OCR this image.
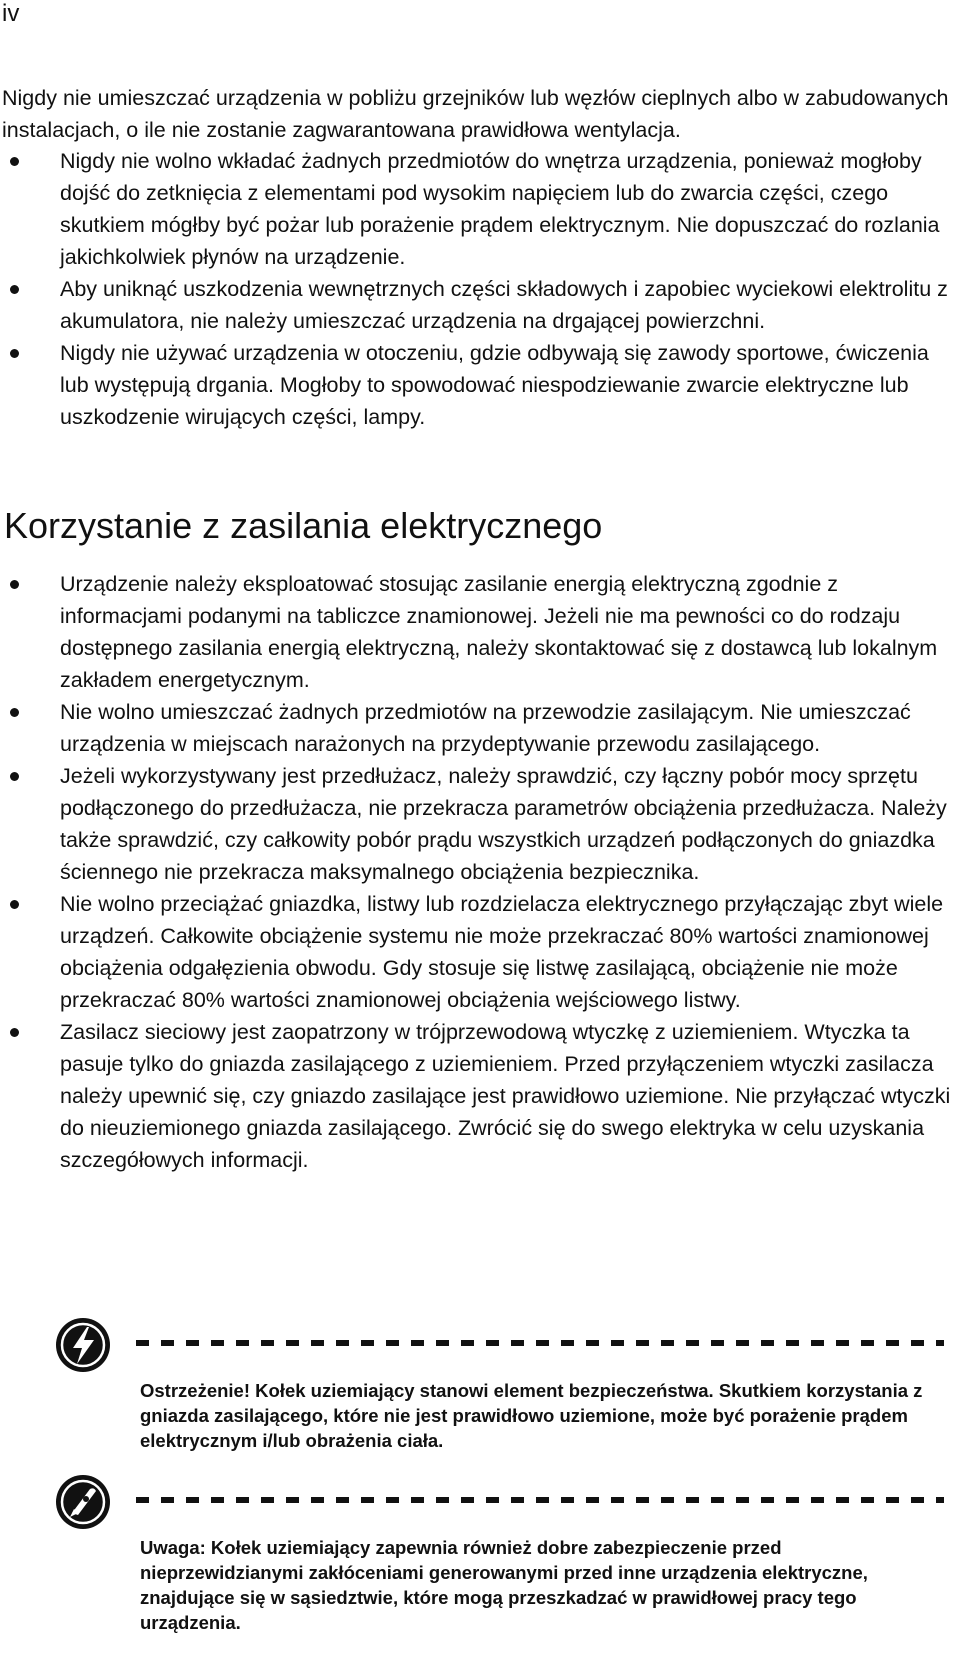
iv

Nigdy nie umieszczać urządzenia w pobliżu grzejników lub węzłów cieplnych albo w zabudowanych instalacjach, o ile nie zostanie zagwarantowana prawidłowa wentylacja.

Nigdy nie wolno wkładać żadnych przedmiotów do wnętrza urządzenia, ponieważ mogłoby dojść do zetknięcia z elementami pod wysokim napięciem lub do zwarcia części, czego skutkiem mógłby być pożar lub porażenie prądem elektrycznym. Nie dopuszczać do rozlania jakichkolwiek płynów na urządzenie.
Aby uniknąć uszkodzenia wewnętrznych części składowych i zapobiec wyciekowi elektrolitu z akumulatora, nie należy umieszczać urządzenia na drgającej powierzchni.
Nigdy nie używać urządzenia w otoczeniu, gdzie odbywają się zawody sportowe, ćwiczenia lub występują drgania. Mogłoby to spowodować niespodziewanie zwarcie elektryczne lub uszkodzenie wirujących części, lampy.
Korzystanie z zasilania elektrycznego
Urządzenie należy eksploatować stosując zasilanie energią elektryczną zgodnie z informacjami podanymi na tabliczce znamionowej. Jeżeli nie ma pewności co do rodzaju dostępnego zasilania energią elektryczną, należy skontaktować się z dostawcą lub lokalnym zakładem energetycznym.
Nie wolno umieszczać żadnych przedmiotów na przewodzie zasilającym. Nie umieszczać urządzenia w miejscach narażonych na przydeptywanie przewodu zasilającego.
Jeżeli wykorzystywany jest przedłużacz, należy sprawdzić, czy łączny pobór mocy sprzętu podłączonego do przedłużacza, nie przekracza parametrów obciążenia przedłużacza. Należy także sprawdzić, czy całkowity pobór prądu wszystkich urządzeń podłączonych do gniazdka ściennego nie przekracza maksymalnego obciążenia bezpiecznika.
Nie wolno przeciążać gniazdka, listwy lub rozdzielacza elektrycznego przyłączając zbyt wiele urządzeń. Całkowite obciążenie systemu nie może przekraczać 80% wartości znamionowej obciążenia odgałęzienia obwodu. Gdy stosuje się listwę zasilającą, obciążenie nie może przekraczać 80% wartości znamionowej obciążenia wejściowego listwy.
Zasilacz sieciowy jest zaopatrzony w trójprzewodową wtyczkę z uziemieniem. Wtyczka ta pasuje tylko do gniazda zasilającego z uziemieniem. Przed przyłączeniem wtyczki zasilacza należy upewnić się, czy gniazdo zasilające jest prawidłowo uziemione. Nie przyłączać wtyczki do nieuziemionego gniazda zasilającego. Zwrócić się do swego elektryka w celu uzyskania szczegółowych informacji.

Ostrzeżenie! Kołek uziemiający stanowi element bezpieczeństwa. Skutkiem korzystania z gniazda zasilającego, które nie jest prawidłowo uziemione, może być porażenie prądem elektrycznym i/lub obrażenia ciała.

Uwaga: Kołek uziemiający zapewnia również dobre zabezpieczenie przed nieprzewidzianymi zakłóceniami generowanymi przed inne urządzenia elektryczne, znajdujące się w sąsiedztwie, które mogą przeszkadzać w prawidłowej pracy tego urządzenia.
